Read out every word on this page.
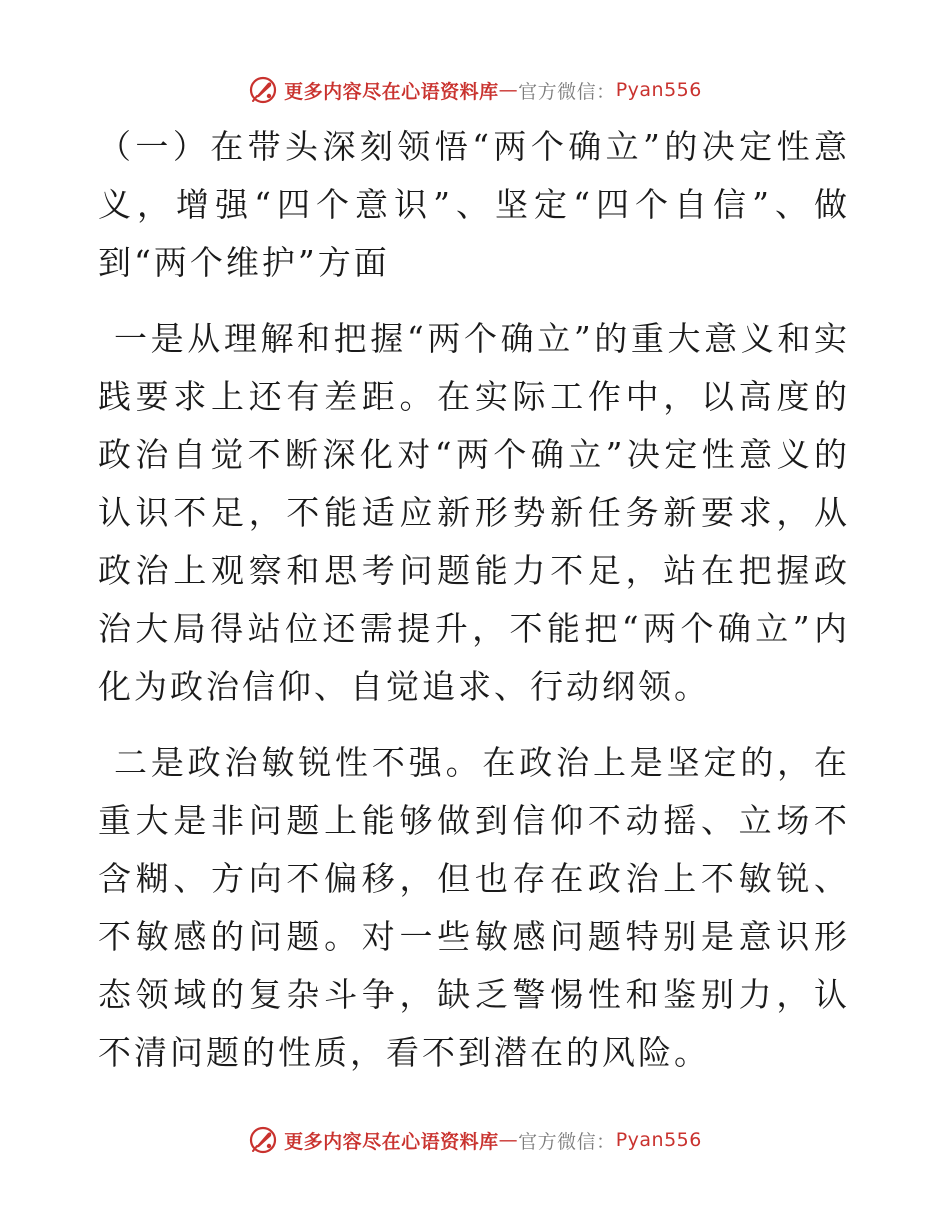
更多内容尽在心语资料库 — 官方微信： Pyan556

（一）在带头深刻领悟“两个确立”的决定性意义，增强“四个意识”、坚定“四个自信”、做到“两个维护”方面

一是从理解和把握“两个确立”的重大意义和实践要求上还有差距。在实际工作中，以高度的政治自觉不断深化对“两个确立”决定性意义的认识不足，不能适应新形势新任务新要求，从政治上观察和思考问题能力不足，站在把握政治大局得站位还需提升，不能把“两个确立”内化为政治信仰、自觉追求、行动纲领。

二是政治敏锐性不强。在政治上是坚定的，在重大是非问题上能够做到信仰不动摇、立场不含糊、方向不偏移，但也存在政治上不敏锐、不敏感的问题。对一些敏感问题特别是意识形态领域的复杂斗争，缺乏警惕性和鉴别力，认不清问题的性质，看不到潜在的风险。

更多内容尽在心语资料库 — 官方微信： Pyan556
